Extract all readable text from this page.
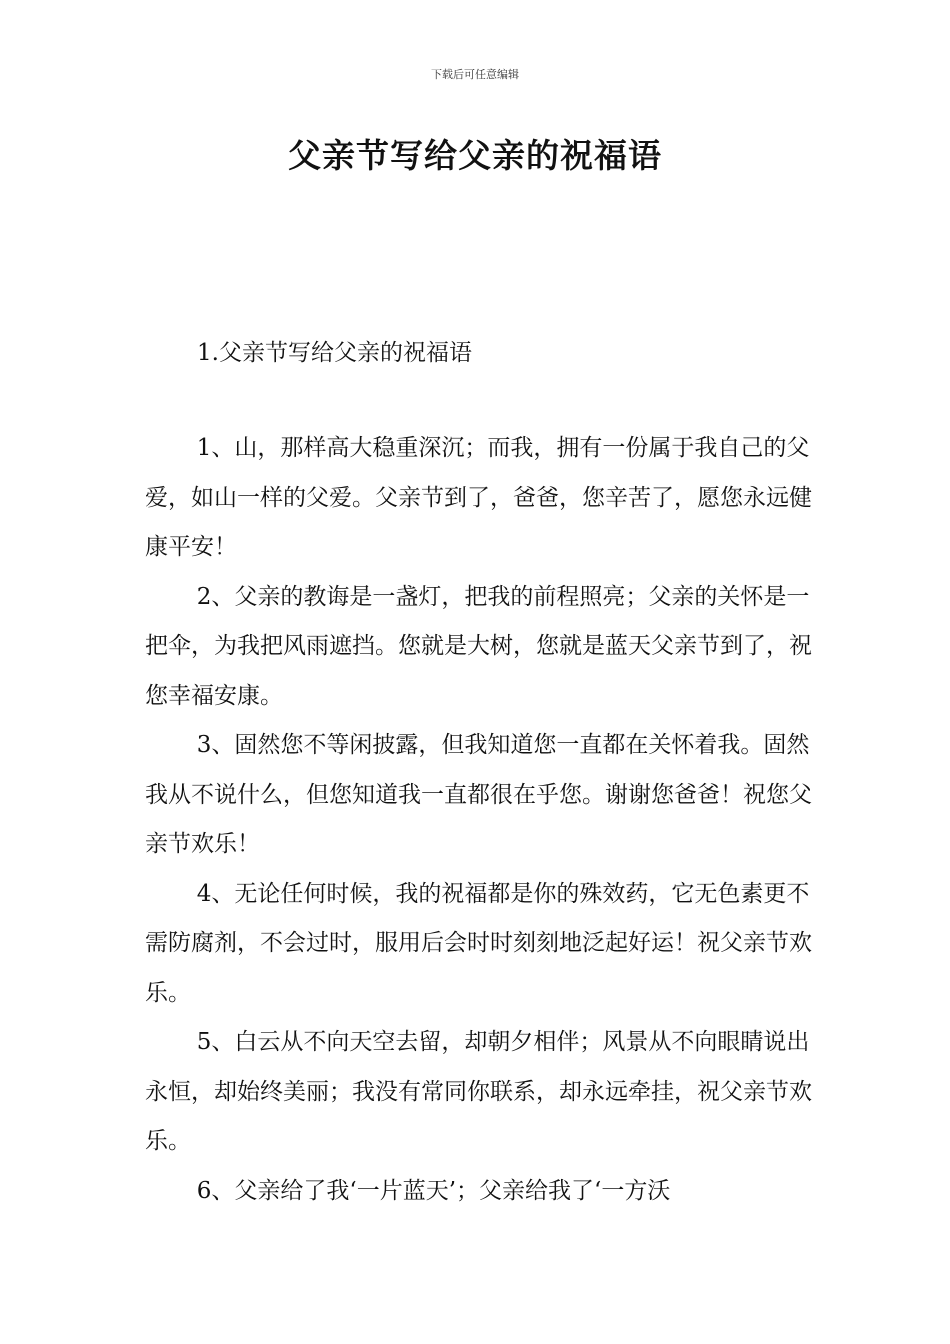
下载后可任意编辑
父亲节写给父亲的祝福语
1.父亲节写给父亲的祝福语

1、山，那样高大稳重深沉；而我，拥有一份属于我自己的父爱，如山一样的父爱。父亲节到了，爸爸，您辛苦了，愿您永远健康平安！

2、父亲的教诲是一盏灯，把我的前程照亮；父亲的关怀是一把伞，为我把风雨遮挡。您就是大树，您就是蓝天父亲节到了，祝您幸福安康。

3、固然您不等闲披露，但我知道您一直都在关怀着我。固然我从不说什么，但您知道我一直都很在乎您。谢谢您爸爸！祝您父亲节欢乐！

4、无论任何时候，我的祝福都是你的殊效药，它无色素更不需防腐剂，不会过时，服用后会时时刻刻地泛起好运！祝父亲节欢乐。

5、白云从不向天空去留，却朝夕相伴；风景从不向眼睛说出永恒，却始终美丽；我没有常同你联系，却永远牵挂，祝父亲节欢乐。

6、父亲给了我‘一片蓝天’；父亲给我了‘一方沃
